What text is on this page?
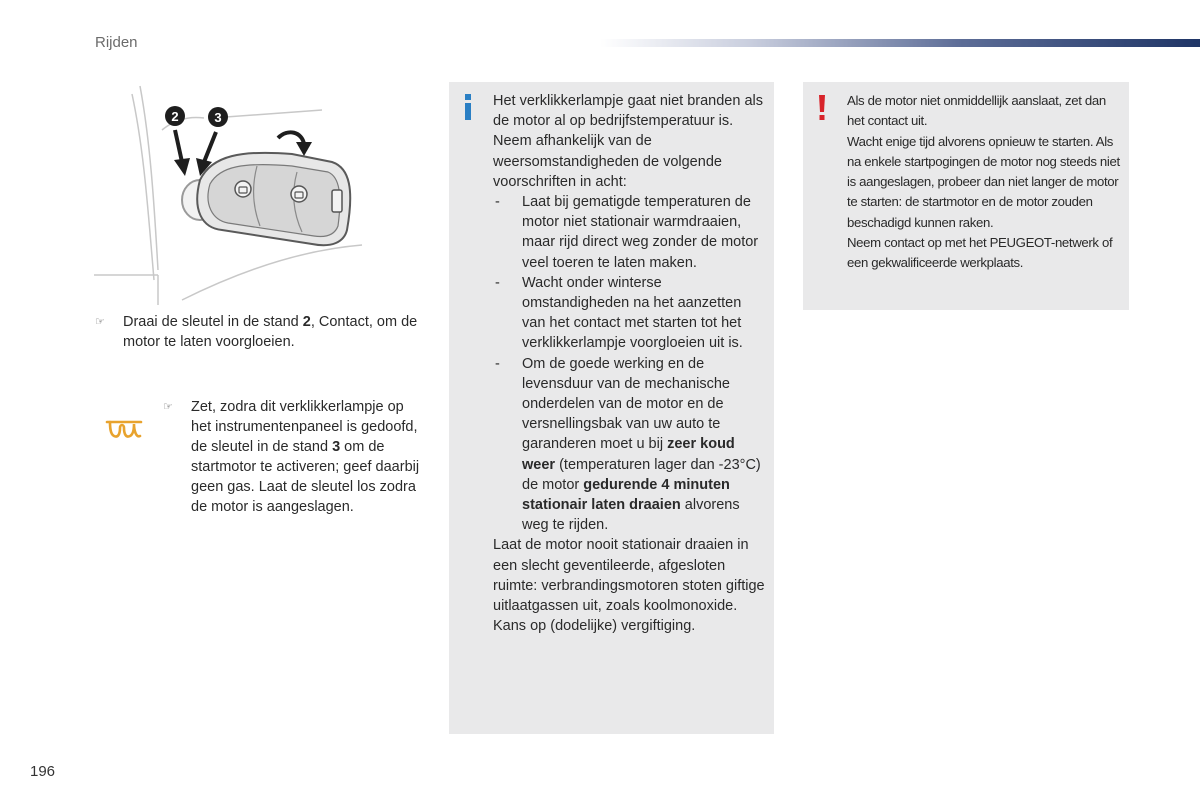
Rijden
2	3
☞	Draai de sleutel in de stand 2, Contact, om de motor te laten voorgloeien.
☞	Zet, zodra dit verklikkerlampje op het instrumentenpaneel is gedoofd, de sleutel in de stand 3 om de startmotor te activeren; geef daarbij geen gas. Laat de sleutel los zodra de motor is aangeslagen.

Het verklikkerlampje gaat niet branden als de motor al op bedrijfstemperatuur is. Neem afhankelijk van de weersomstandigheden de volgende voorschriften in acht:

- Laat bij gematigde temperaturen de motor niet stationair warmdraaien, maar rijd direct weg zonder de motor veel toeren te laten maken.
- Wacht onder winterse omstandigheden na het aanzetten van het contact met starten tot het verklikkerlampje voorgloeien uit is.
- Om de goede werking en de levensduur van de mechanische onderdelen van de motor en de versnellingsbak van uw auto te garanderen moet u bij zeer koud weer (temperaturen lager dan -23°C) de motor gedurende 4 minuten stationair laten draaien alvorens weg te rijden.

Laat de motor nooit stationair draaien in een slecht geventileerde, afgesloten ruimte: verbrandingsmotoren stoten giftige uitlaatgassen uit, zoals koolmonoxide. Kans op (dodelijke) vergiftiging.

Als de motor niet onmiddellijk aanslaat, zet dan het contact uit.

Wacht enige tijd alvorens opnieuw te starten. Als na enkele startpogingen de motor nog steeds niet is aangeslagen, probeer dan niet langer de motor te starten: de startmotor en de motor zouden beschadigd kunnen raken.

Neem contact op met het PEUGEOT-netwerk of een gekwalificeerde werkplaats.

196
